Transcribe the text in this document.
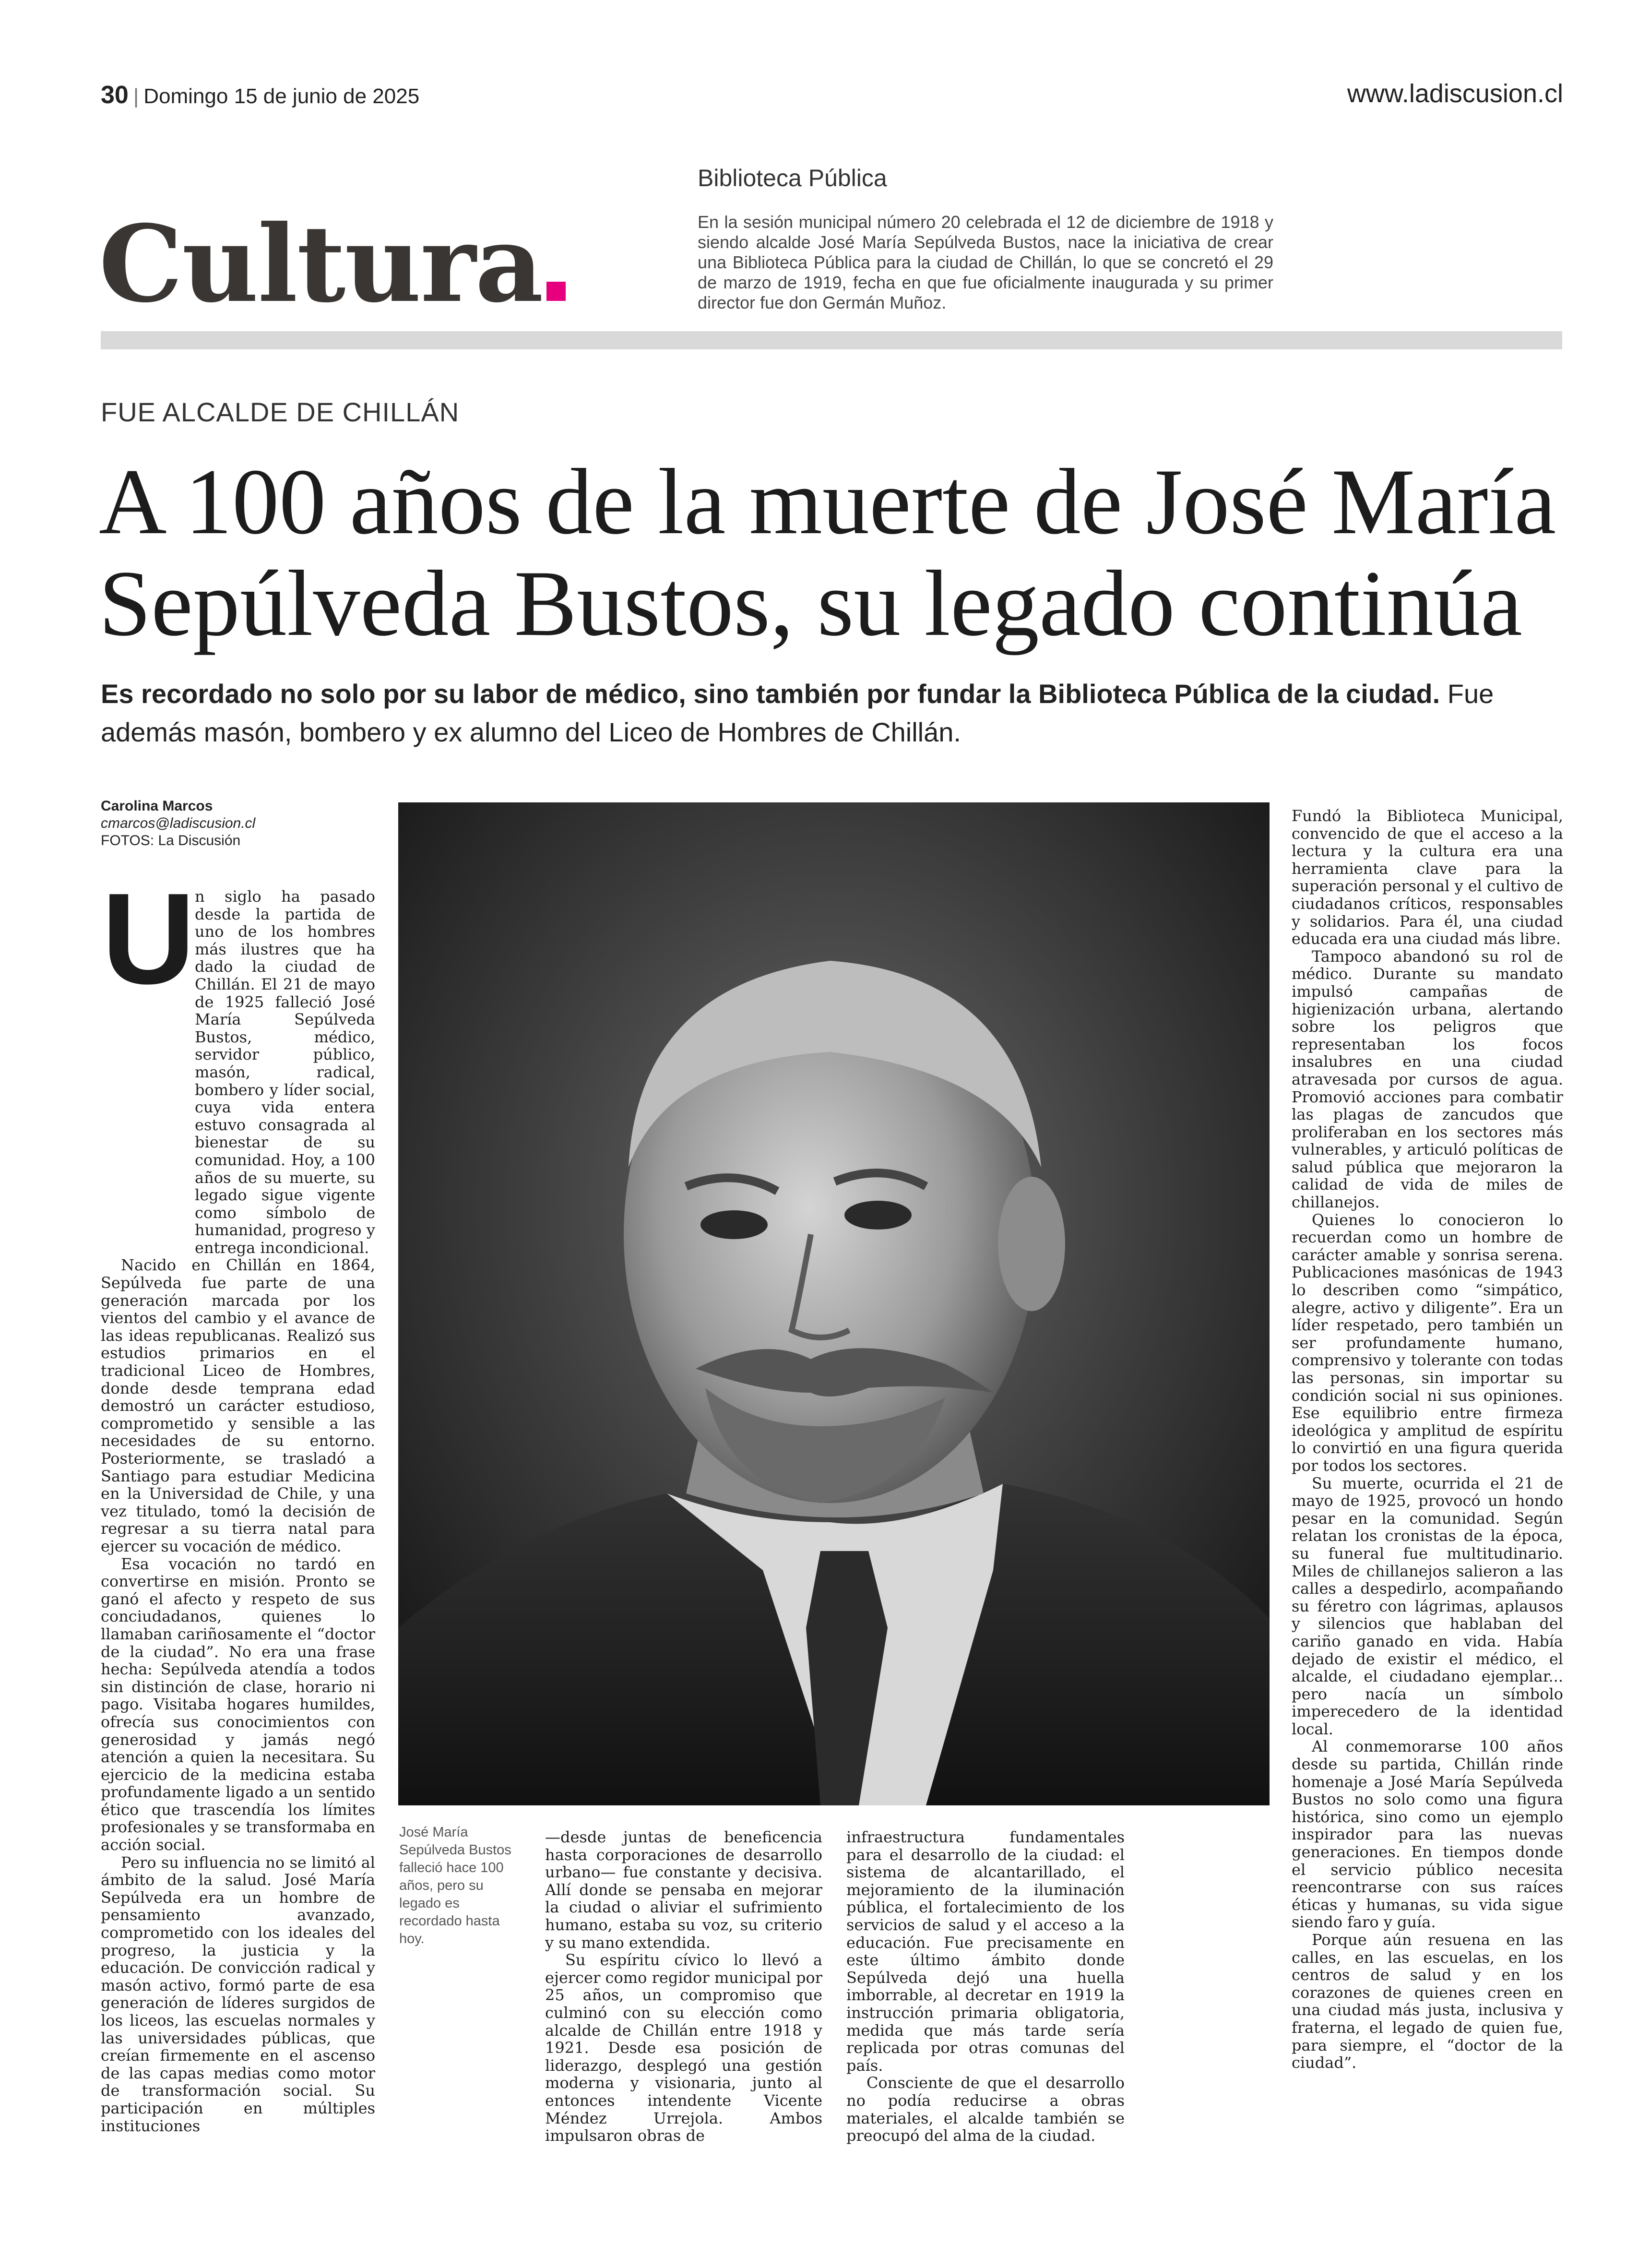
30 | Domingo 15 de junio de 2025	www.ladiscusion.cl
Cultura
Biblioteca Pública
En la sesión municipal número 20 celebrada el 12 de diciembre de 1918 y siendo alcalde José María Sepúlveda Bustos, nace la iniciativa de crear una Biblioteca Pública para la ciudad de Chillán, lo que se concretó el 29 de marzo de 1919, fecha en que fue oficialmente inaugurada y su primer director fue don Germán Muñoz.
FUE ALCALDE DE CHILLÁN
A 100 años de la muerte de José María Sepúlveda Bustos, su legado continúa
Es recordado no solo por su labor de médico, sino también por fundar la Biblioteca Pública de la ciudad. Fue además masón, bombero y ex alumno del Liceo de Hombres de Chillán.
Carolina Marcos
cmarcos@ladiscusion.cl
FOTOS: La Discusión
José María Sepúlveda Bustos falleció hace 100 años, pero su legado es recordado hasta hoy.
U n siglo ha pasado desde la partida de uno de los hombres más ilustres que ha dado la ciudad de Chillán. El 21 de mayo de 1925 falleció José María Sepúlveda Bustos, médico, servidor público, masón, radical, bombero y líder social, cuya vida entera estuvo consagrada al bienestar de su comunidad. Hoy, a 100 años de su muerte, su legado sigue vigente como símbolo de humanidad, progreso y entrega incondicional.

Nacido en Chillán en 1864, Sepúlveda fue parte de una generación marcada por los vientos del cambio y el avance de las ideas republicanas. Realizó sus estudios primarios en el tradicional Liceo de Hombres, donde desde temprana edad demostró un carácter estudioso, comprometido y sensible a las necesidades de su entorno. Posteriormente, se trasladó a Santiago para estudiar Medicina en la Universidad de Chile, y una vez titulado, tomó la decisión de regresar a su tierra natal para ejercer su vocación de médico.

Esa vocación no tardó en convertirse en misión. Pronto se ganó el afecto y respeto de sus conciudadanos, quienes lo llamaban cariñosamente el “doctor de la ciudad”. No era una frase hecha: Sepúlveda atendía a todos sin distinción de clase, horario ni pago. Visitaba hogares humildes, ofrecía sus conocimientos con generosidad y jamás negó atención a quien la necesitara. Su ejercicio de la medicina estaba profundamente ligado a un sentido ético que trascendía los límites profesionales y se transformaba en acción social.

Pero su influencia no se limitó al ámbito de la salud. José María Sepúlveda era un hombre de pensamiento avanzado, comprometido con los ideales del progreso, la justicia y la educación. De convicción radical y masón activo, formó parte de esa generación de líderes surgidos de los liceos, las escuelas normales y las universidades públicas, que creían firmemente en el ascenso de las capas medias como motor de transformación social. Su participación en múltiples instituciones

—desde juntas de beneficencia hasta corporaciones de desarrollo urbano— fue constante y decisiva. Allí donde se pensaba en mejorar la ciudad o aliviar el sufrimiento humano, estaba su voz, su criterio y su mano extendida.

Su espíritu cívico lo llevó a ejercer como regidor municipal por 25 años, un compromiso que culminó con su elección como alcalde de Chillán entre 1918 y 1921. Desde esa posición de liderazgo, desplegó una gestión moderna y visionaria, junto al entonces intendente Vicente Méndez Urrejola. Ambos impulsaron obras de

infraestructura fundamentales para el desarrollo de la ciudad: el sistema de alcantarillado, el mejoramiento de la iluminación pública, el fortalecimiento de los servicios de salud y el acceso a la educación. Fue precisamente en este último ámbito donde Sepúlveda dejó una huella imborrable, al decretar en 1919 la instrucción primaria obligatoria, medida que más tarde sería replicada por otras comunas del país.

Consciente de que el desarrollo no podía reducirse a obras materiales, el alcalde también se preocupó del alma de la ciudad.

Fundó la Biblioteca Municipal, convencido de que el acceso a la lectura y la cultura era una herramienta clave para la superación personal y el cultivo de ciudadanos críticos, responsables y solidarios. Para él, una ciudad educada era una ciudad más libre.

Tampoco abandonó su rol de médico. Durante su mandato impulsó campañas de higienización urbana, alertando sobre los peligros que representaban los focos insalubres en una ciudad atravesada por cursos de agua. Promovió acciones para combatir las plagas de zancudos que proliferaban en los sectores más vulnerables, y articuló políticas de salud pública que mejoraron la calidad de vida de miles de chillanejos.

Quienes lo conocieron lo recuerdan como un hombre de carácter amable y sonrisa serena. Publicaciones masónicas de 1943 lo describen como “simpático, alegre, activo y diligente”. Era un líder respetado, pero también un ser profundamente humano, comprensivo y tolerante con todas las personas, sin importar su condición social ni sus opiniones. Ese equilibrio entre firmeza ideológica y amplitud de espíritu lo convirtió en una figura querida por todos los sectores.

Su muerte, ocurrida el 21 de mayo de 1925, provocó un hondo pesar en la comunidad. Según relatan los cronistas de la época, su funeral fue multitudinario. Miles de chillanejos salieron a las calles a despedirlo, acompañando su féretro con lágrimas, aplausos y silencios que hablaban del cariño ganado en vida. Había dejado de existir el médico, el alcalde, el ciudadano ejemplar... pero nacía un símbolo imperecedero de la identidad local.

Al conmemorarse 100 años desde su partida, Chillán rinde homenaje a José María Sepúlveda Bustos no solo como una figura histórica, sino como un ejemplo inspirador para las nuevas generaciones. En tiempos donde el servicio público necesita reencontrarse con sus raíces éticas y humanas, su vida sigue siendo faro y guía.

Porque aún resuena en las calles, en las escuelas, en los centros de salud y en los corazones de quienes creen en una ciudad más justa, inclusiva y fraterna, el legado de quien fue, para siempre, el “doctor de la ciudad”.
